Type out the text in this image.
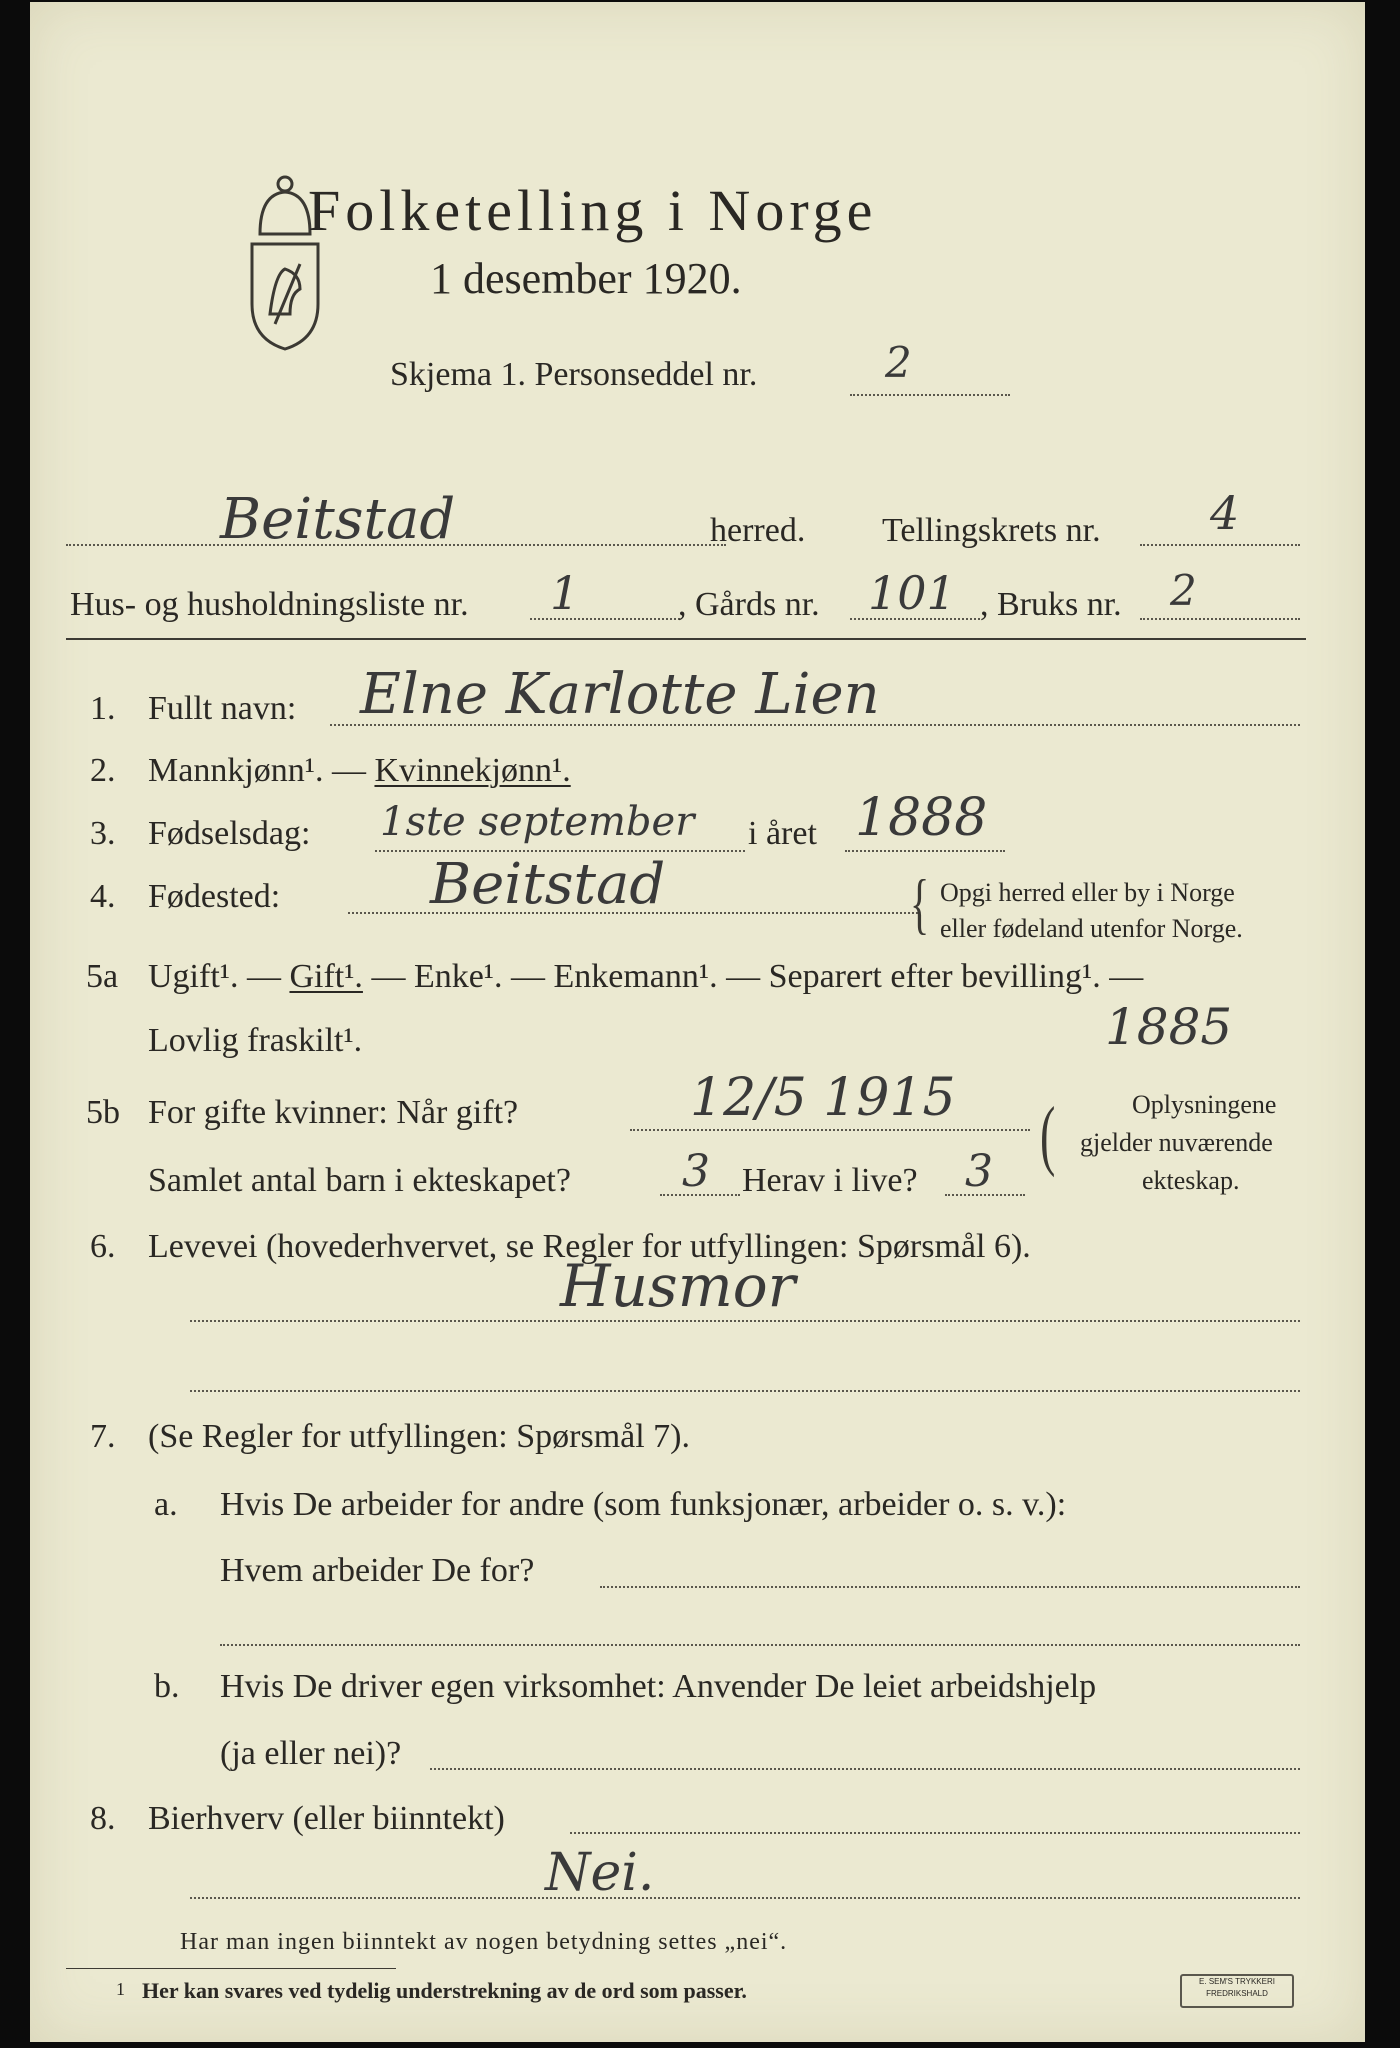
Folketelling i Norge
1 desember 1920.
Skjema 1. Personseddel nr.	2
Beitstad	herred. Tellingskrets nr. 4
Hus- og husholdningsliste nr. 1	, Gårds nr. 101 , Bruks nr. 2
1. Fullt navn: Elne Karlotte Lien
2. Mannkjønn¹. — Kvinnekjønn¹.
3. Fødselsdag: 1ste september i året 1888
4. Fødested:	Beitstad	{ Opgi herred eller by i Norge
eller fødeland utenfor Norge.
5a Ugift¹. — Gift¹. — Enke¹. — Enkemann¹. — Separert efter bevilling¹. —
Lovlig fraskilt¹.	1885
5b For gifte kvinner: Når gift?	12/5 1915
Samlet antal barn i ekteskapet?	3 Herav i live? 3 (	Oplysningene
gjelder nuværende
ekteskap.
6. Levevei (hovederhvervet, se Regler for utfyllingen: Spørsmål 6).
Husmor
7. (Se Regler for utfyllingen: Spørsmål 7).
a. Hvis De arbeider for andre (som funksjonær, arbeider o. s. v.):
Hvem arbeider De for?
b. Hvis De driver egen virksomhet: Anvender De leiet arbeidshjelp
(ja eller nei)?
8. Bierhverv (eller biinntekt)
Nei.
Har man ingen biinntekt av nogen betydning settes „nei“.
1 Her kan svares ved tydelig understrekning av de ord som passer.	E. SEM'S TRYKKERI FREDRIKSHALD
